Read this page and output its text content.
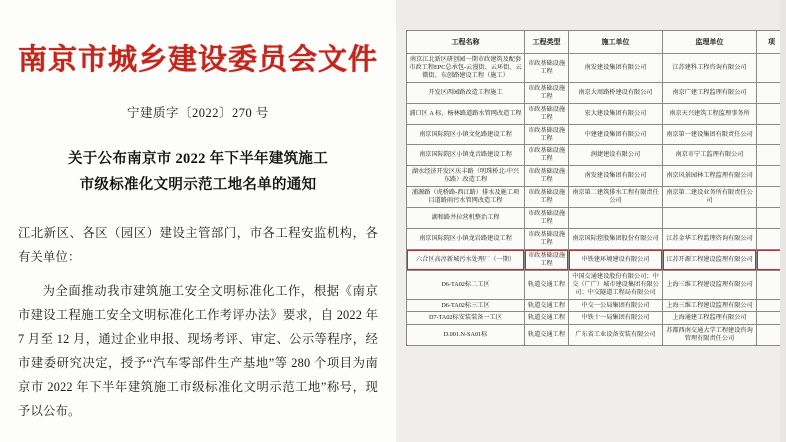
南京市城乡建设委员会文件
宁建质字〔2022〕270 号
关于公布南京市 2022 年下半年建筑施工
市级标准化文明示范工地名单的通知

江北新区、各区（园区）建设主管部门，市各工程安监机构，各有关单位：

为全面推动我市建筑施工安全文明标准化工作，根据《南京市建设工程施工安全文明标准化工作考评办法》要求，自 2022 年 7 月至 12 月，通过企业申报、现场考评、审定、公示等程序，经市建委研究决定，授予“汽车零部件生产基地”等 280 个项目为南京市 2022 年下半年建筑施工市级标准化文明示范工地”称号，现予以公布。

工程名称	工程类型	施工单位	监理单位	项
南京江北新区研创园一期市政建筑及配套市政工程EPC总承包-云漫街、云环街、云微街、东创路建设工程（施工）	市政基础设施工程	南发建设集团有限公司	江苏建科工程咨询有限公司	
开发区西园路改造工程施工	市政基础设施工程	南京大周路桥建设有限公司	南京广建工程监理有限公司	
浦口区 A 标、杨林路道路水管网改造工程	市政基础设施工程	宏大建设集团有限公司	南京天兴建筑工程监理事务所	
南京国际院区小镇文化路建设工程	市政基础设施工程	中建建设集团有限公司	南京第一建设集团有限责任公司	
南京国际院区小镇龙音路建设工程	市政基础设施工程	润捷建设有限公司	南京市宁工监理有限公司	
湖水经济开发区庆丰路（明珠桥北-中兴东路）改造工程	市政基础设施工程	南发建设集团有限公司	南京风景园林工程监理有限公司	
浦源路（虎桥路-西江路）排水及施工项目道路雨污水管网改造工程	市政基础设施工程	南京第二建筑排水工程有限责任公司	南京第二建设业务所有限责任公司	
湖和路井拉营机整治工程	市政基础设施工程			
南京国际院区小镇龙岩路建设工程	市政基础设施工程	南京国际控股集团股份有限公司	江苏金华工程监理咨询有限公司	
六合区高淳新城污水处理厂（一期）	市政基础设施工程	中铁建环境建设有限公司	江苏开源工程建设监理有限公司	
D6-TA02标二工区	轨道交通工程	中国交通建设股份有限公司；中交（广广）城市建设集团有限公司；中交隧道工程局有限公司	上海三维工程建设监理有限公司	
D6-TA02标三工区	轨道交通工程	中交一公局集团有限公司	上海三维工程建设监理有限公司	
D7-TA02标安装装备一工区	轨道交通工程	中铁十一局集团有限公司	上海通建工程监理有限公司	
D.001.N-SA01标	轨道交通工程	广东省工业设备安装有限公司	苏都西南交通大学工程建设咨询管理有限责任公司	
